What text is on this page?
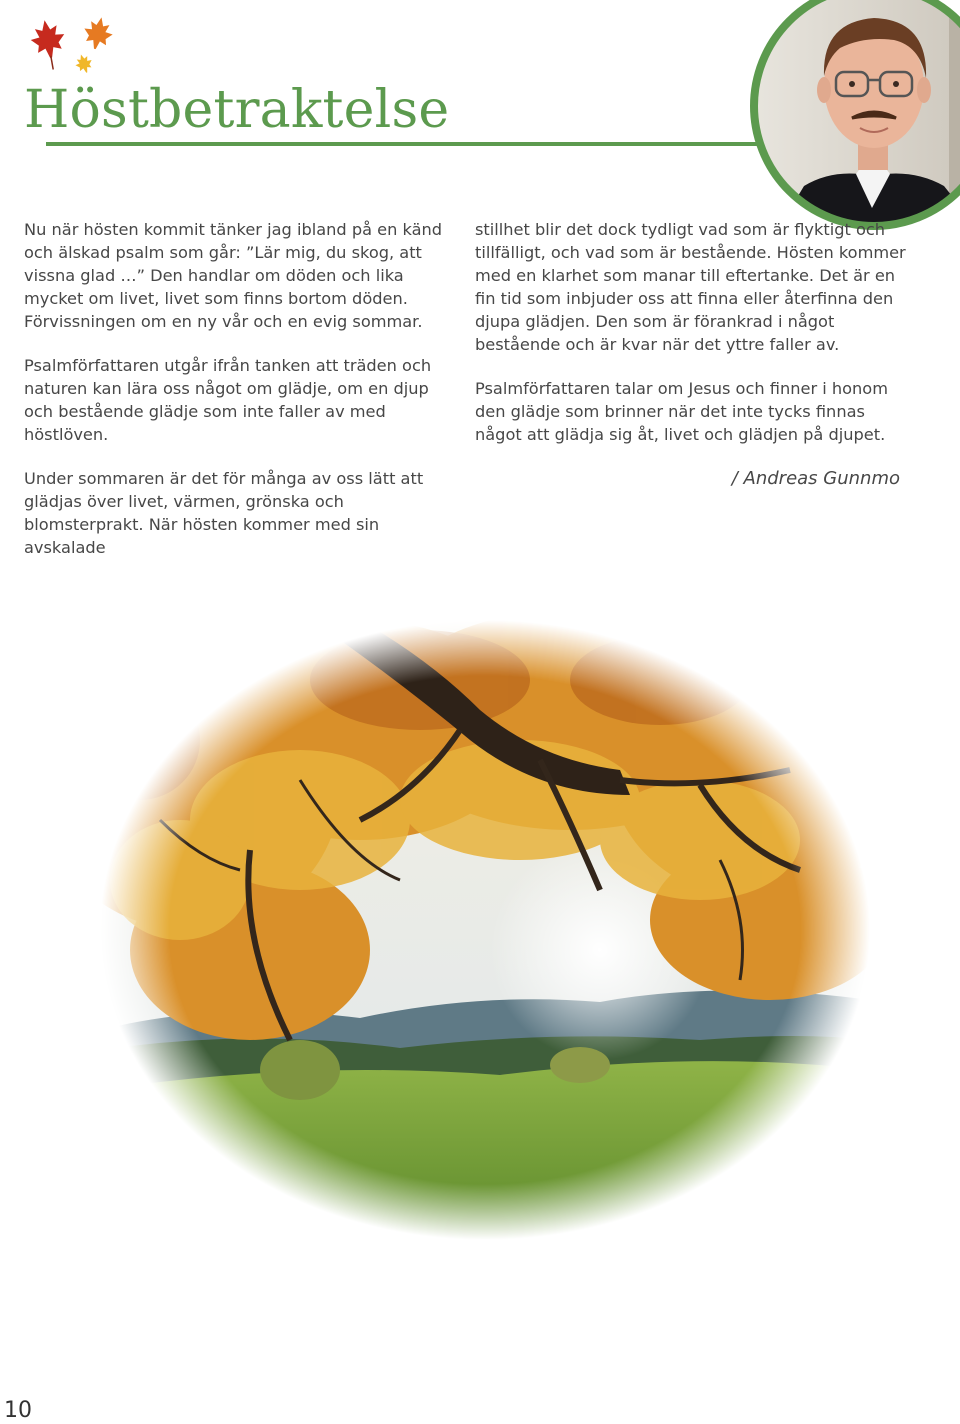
Höstbetraktelse

Nu när hösten kommit tänker jag ibland på en känd och älskad psalm som går: ”Lär mig, du skog, att vissna glad …” Den handlar om döden och lika mycket om livet, livet som finns bortom döden. Förvissningen om en ny vår och en evig sommar.

Psalmförfattaren utgår ifrån tanken att träden och naturen kan lära oss något om glädje, om en djup och bestående glädje som inte faller av med höstlöven.

Under sommaren är det för många av oss lätt att glädjas över livet, värmen, grönska och blomsterprakt. När hösten kommer med sin avskalade

stillhet blir det dock tydligt vad som är flyktigt och tillfälligt, och vad som är bestående. Hösten kommer med en klarhet som manar till eftertanke. Det är en fin tid som inbjuder oss att finna eller återfinna den djupa glädjen. Den som är förankrad i något bestående och är kvar när det yttre faller av.

Psalmförfattaren talar om Jesus och finner i honom den glädje som brinner när det inte tycks finnas något att glädja sig åt, livet och glädjen på djupet.

/ Andreas Gunnmo

10
